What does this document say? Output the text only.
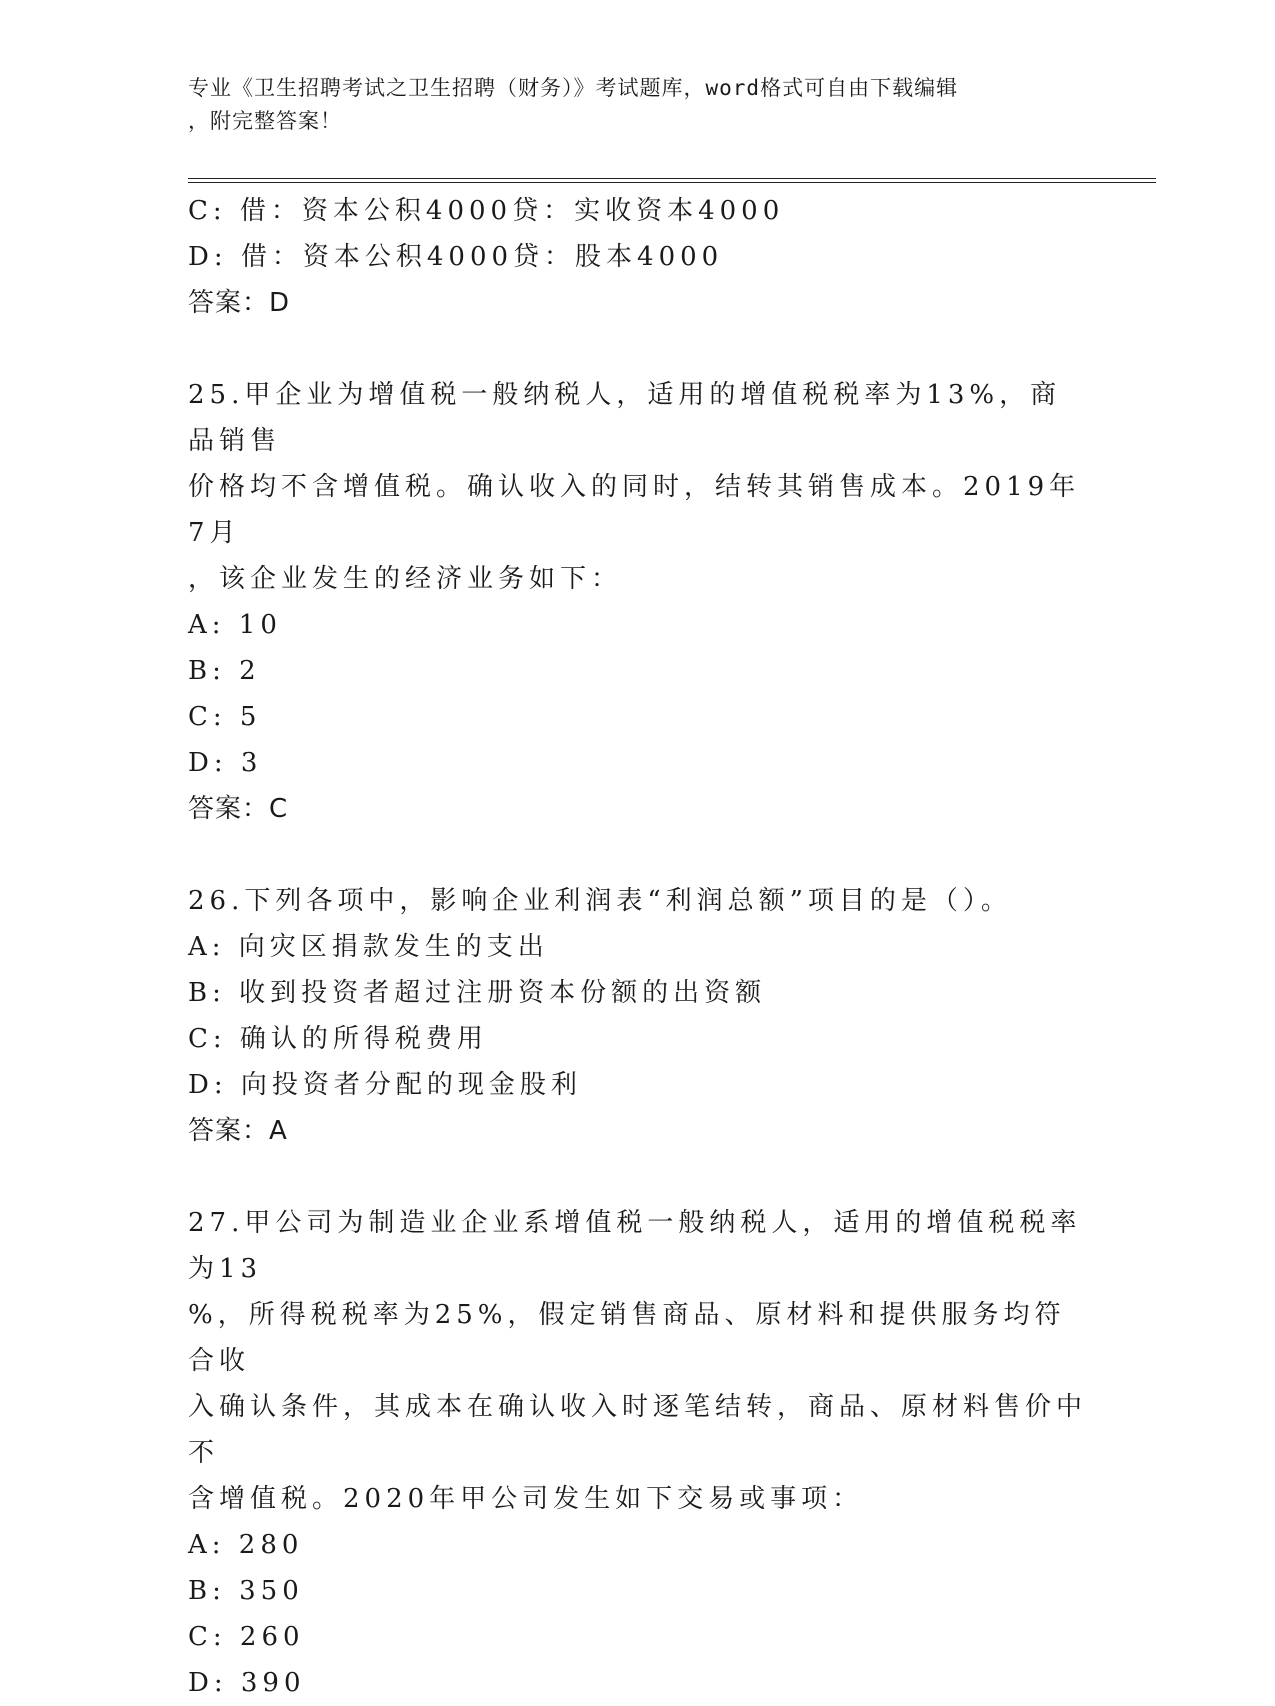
专业《卫生招聘考试之卫生招聘（财务）》考试题库，word格式可自由下载编辑
，附完整答案！
C: 借：资本公积4000贷：实收资本4000
D: 借：资本公积4000贷：股本4000
答案：D
25.甲企业为增值税一般纳税人，适用的增值税税率为13%，商品销售
价格均不含增值税。确认收入的同时，结转其销售成本。2019年7月
，该企业发生的经济业务如下：
A: 10
B: 2
C: 5
D: 3
答案：C
26.下列各项中，影响企业利润表“利润总额”项目的是（）。
A: 向灾区捐款发生的支出
B: 收到投资者超过注册资本份额的出资额
C: 确认的所得税费用
D: 向投资者分配的现金股利
答案：A
27.甲公司为制造业企业系增值税一般纳税人，适用的增值税税率为13
%，所得税税率为25%，假定销售商品、原材料和提供服务均符合收
入确认条件，其成本在确认收入时逐笔结转，商品、原材料售价中不
含增值税。2020年甲公司发生如下交易或事项：
A: 280
B: 350
C: 260
D: 390
